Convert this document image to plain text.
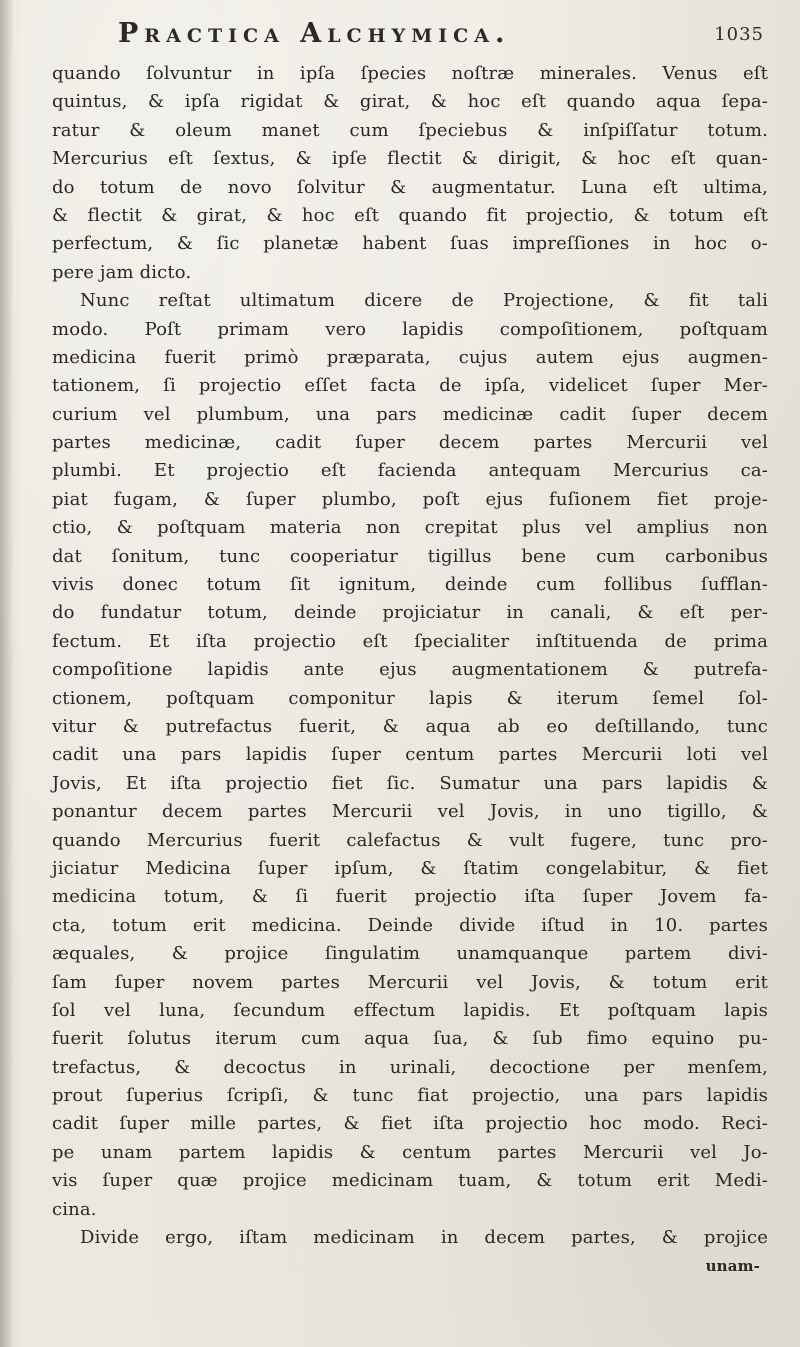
Practica Alchymica.	1035
quando ſolvuntur in ipſa ſpecies noſtræ minerales. Venus eſt
quintus, & ipſa rigidat & girat, & hoc eſt quando aqua ſepa-
ratur & oleum manet cum ſpeciebus & inſpiſſatur totum.
Mercurius eſt ſextus, & ipſe flectit & dirigit, & hoc eſt quan-
do totum de novo ſolvitur & augmentatur. Luna eſt ultima,
& flectit & girat, & hoc eſt quando fit projectio, & totum eſt
perfectum, & ſic planetæ habent ſuas impreſſiones in hoc o-
pere jam dicto.
Nunc reſtat ultimatum dicere de Projectione, & fit tali
modo. Poſt primam vero lapidis compoſitionem, poſtquam
medicina fuerit primò præparata, cujus autem ejus augmen-
tationem, ſi projectio eſſet facta de ipſa, videlicet ſuper Mer-
curium vel plumbum, una pars medicinæ cadit ſuper decem
partes medicinæ, cadit ſuper decem partes Mercurii vel
plumbi. Et projectio eſt facienda antequam Mercurius ca-
piat fugam, & ſuper plumbo, poſt ejus fuſionem fiet proje-
ctio, & poſtquam materia non crepitat plus vel amplius non
dat ſonitum, tunc cooperiatur tigillus bene cum carbonibus
vivis donec totum ſit ignitum, deinde cum follibus ſufflan-
do fundatur totum, deinde projiciatur in canali, & eſt per-
fectum. Et iſta projectio eſt ſpecialiter inſtituenda de prima
compoſitione lapidis ante ejus augmentationem & putrefa-
ctionem, poſtquam componitur lapis & iterum ſemel ſol-
vitur & putrefactus fuerit, & aqua ab eo deſtillando, tunc
cadit una pars lapidis ſuper centum partes Mercurii loti vel
Jovis, Et iſta projectio fiet ſic. Sumatur una pars lapidis &
ponantur decem partes Mercurii vel Jovis, in uno tigillo, &
quando Mercurius fuerit calefactus & vult fugere, tunc pro-
jiciatur Medicina ſuper ipſum, & ſtatim congelabitur, & fiet
medicina totum, & ſi fuerit projectio iſta ſuper Jovem fa-
cta, totum erit medicina. Deinde divide iſtud in 10. partes
æquales, & projice ſingulatim unamquanque partem divi-
ſam ſuper novem partes Mercurii vel Jovis, & totum erit
ſol vel luna, ſecundum effectum lapidis. Et poſtquam lapis
fuerit ſolutus iterum cum aqua ſua, & ſub fimo equino pu-
trefactus, & decoctus in urinali, decoctione per menſem,
prout ſuperius ſcripſi, & tunc fiat projectio, una pars lapidis
cadit ſuper mille partes, & fiet iſta projectio hoc modo. Reci-
pe unam partem lapidis & centum partes Mercurii vel Jo-
vis ſuper quæ projice medicinam tuam, & totum erit Medi-
cina.
Divide ergo, iſtam medicinam in decem partes, & projice
unam-
